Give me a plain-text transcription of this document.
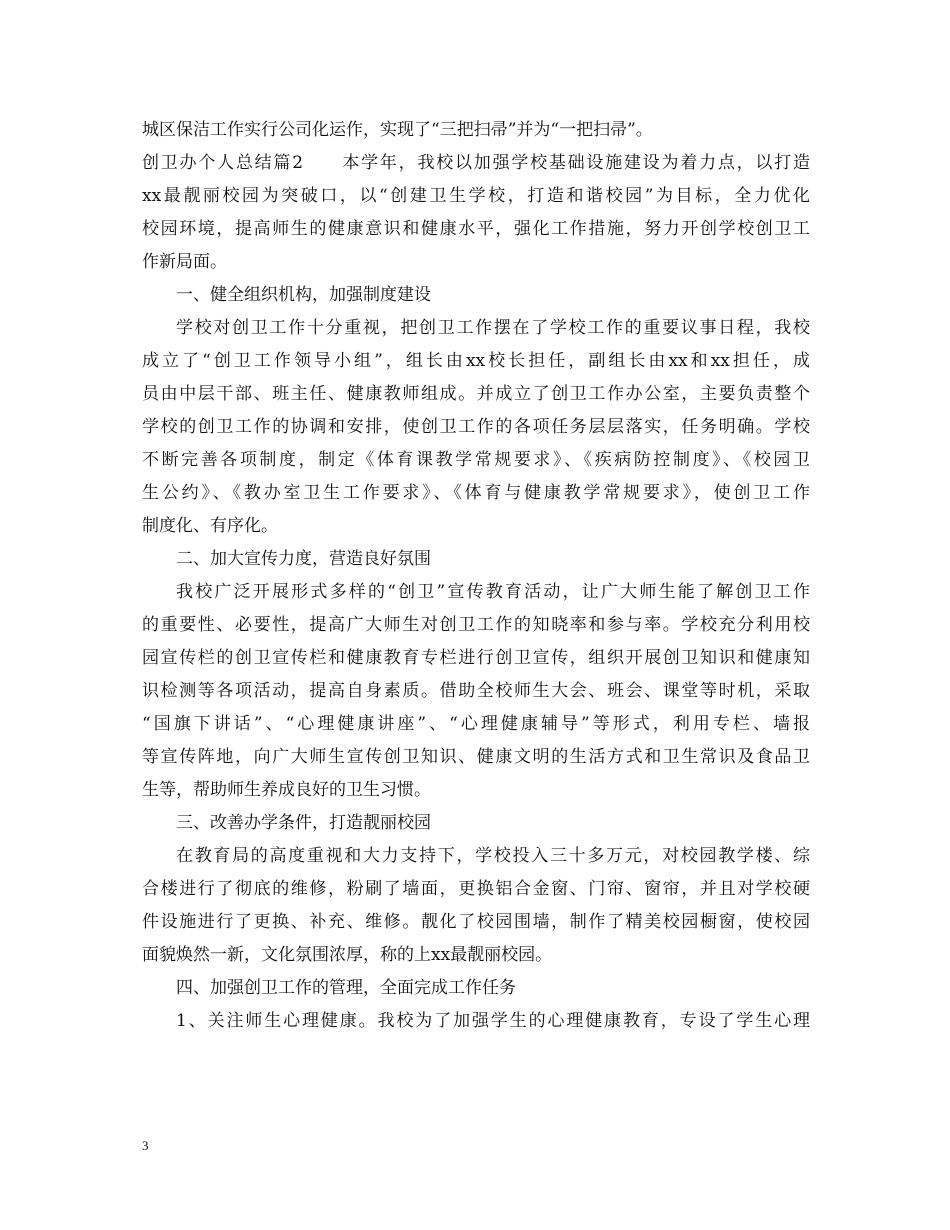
城区保洁工作实行公司化运作，实现了“三把扫帚”并为“一把扫帚”。
创卫办个人总结篇2　　本学年，我校以加强学校基础设施建设为着力点，以打造
xx最靓丽校园为突破口，以“创建卫生学校，打造和谐校园”为目标，全力优化
校园环境，提高师生的健康意识和健康水平，强化工作措施，努力开创学校创卫工
作新局面。
一、健全组织机构，加强制度建设
学校对创卫工作十分重视，把创卫工作摆在了学校工作的重要议事日程，我校
成立了“创卫工作领导小组”，组长由xx校长担任，副组长由xx和xx担任，成
员由中层干部、班主任、健康教师组成。并成立了创卫工作办公室，主要负责整个
学校的创卫工作的协调和安排，使创卫工作的各项任务层层落实，任务明确。学校
不断完善各项制度，制定《体育课教学常规要求》、《疾病防控制度》、《校园卫
生公约》、《教办室卫生工作要求》、《体育与健康教学常规要求》，使创卫工作
制度化、有序化。
二、加大宣传力度，营造良好氛围
我校广泛开展形式多样的“创卫”宣传教育活动，让广大师生能了解创卫工作
的重要性、必要性，提高广大师生对创卫工作的知晓率和参与率。学校充分利用校
园宣传栏的创卫宣传栏和健康教育专栏进行创卫宣传，组织开展创卫知识和健康知
识检测等各项活动，提高自身素质。借助全校师生大会、班会、课堂等时机，采取
“国旗下讲话”、“心理健康讲座”、“心理健康辅导”等形式，利用专栏、墙报
等宣传阵地，向广大师生宣传创卫知识、健康文明的生活方式和卫生常识及食品卫
生等，帮助师生养成良好的卫生习惯。
三、改善办学条件，打造靓丽校园
在教育局的高度重视和大力支持下，学校投入三十多万元，对校园教学楼、综
合楼进行了彻底的维修，粉刷了墙面，更换铝合金窗、门帘、窗帘，并且对学校硬
件设施进行了更换、补充、维修。靓化了校园围墙，制作了精美校园橱窗，使校园
面貌焕然一新，文化氛围浓厚，称的上xx最靓丽校园。
四、加强创卫工作的管理，全面完成工作任务
1、关注师生心理健康。我校为了加强学生的心理健康教育，专设了学生心理
3
